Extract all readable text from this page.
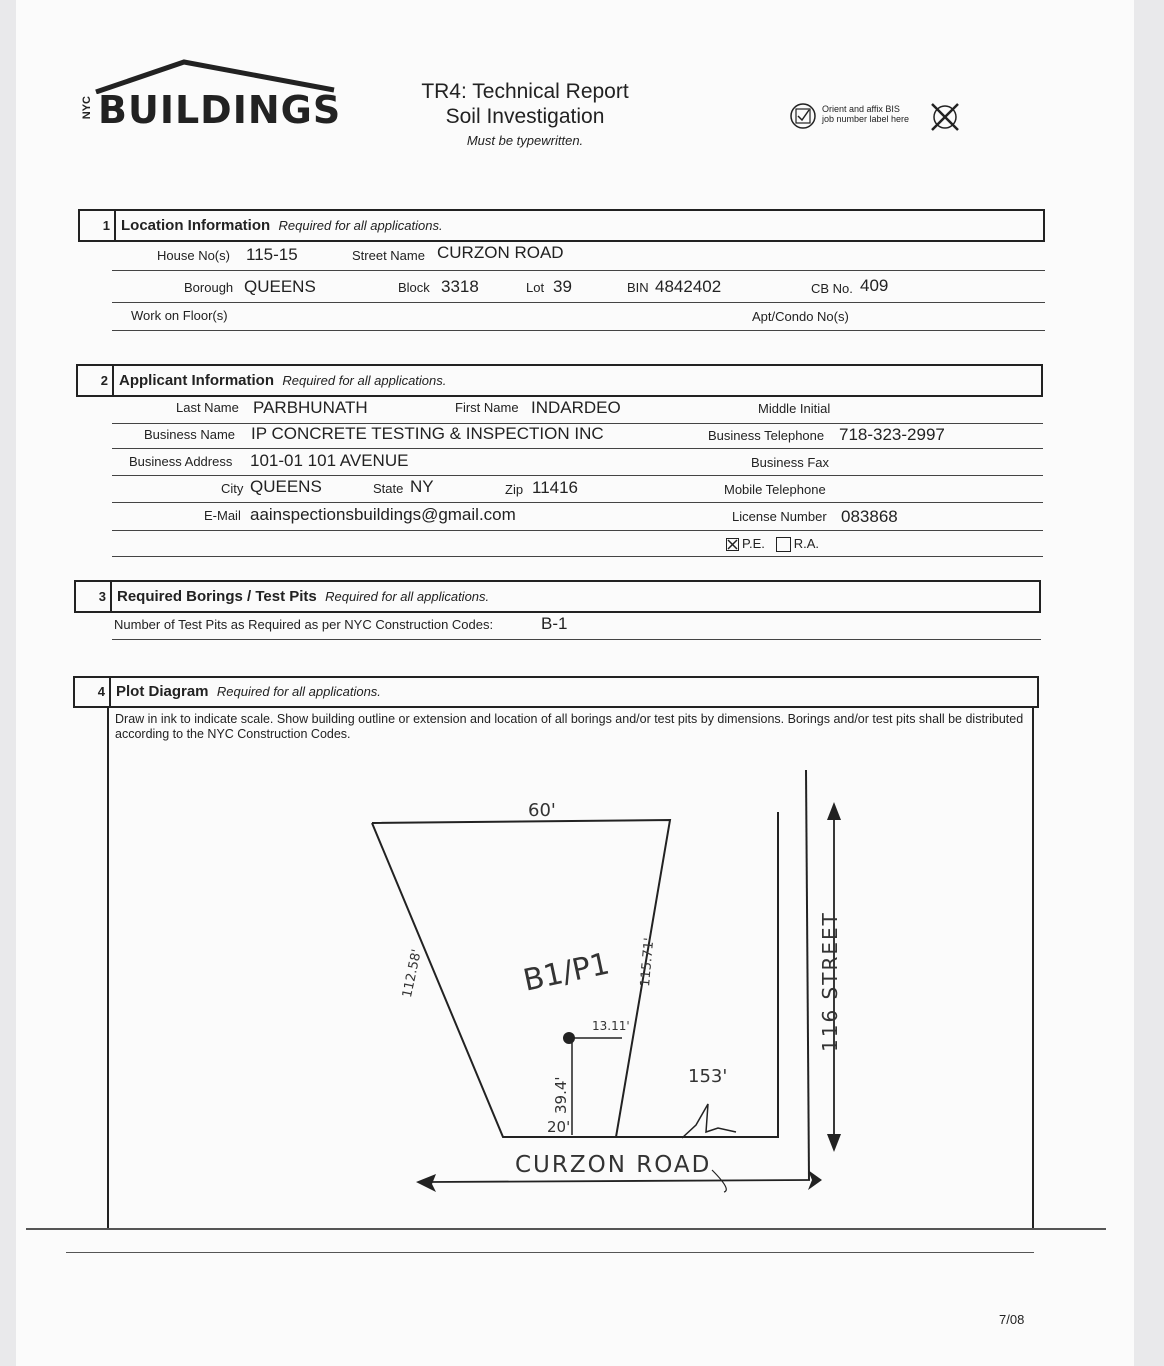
NYC BUILDINGS	TR4: Technical Report
Soil Investigation
Must be typewritten.
Orient and affix BIS
job number label here
1 Location Information Required for all applications.
House No(s) 115-15	Street Name CURZON ROAD
Borough QUEENS	Block 3318	Lot 39	BIN 4842402	CB No. 409
Work on Floor(s)	Apt/Condo No(s)
2 Applicant Information Required for all applications.
Last Name PARBHUNATH	First Name INDARDEO	Middle Initial
Business Name IP CONCRETE TESTING & INSPECTION INC	Business Telephone 718-323-2997
Business Address 101-01 101 AVENUE	Business Fax
City QUEENS	State NY	Zip 11416	Mobile Telephone
E-Mail aainspectionsbuildings@gmail.com	License Number 083868
P.E. R.A.
3 Required Borings / Test Pits Required for all applications.
Number of Test Pits as Required as per NYC Construction Codes:	B-1
4 Plot Diagram Required for all applications.
Draw in ink to indicate scale. Show building outline or extension and location of all borings and/or test pits by dimensions. Borings and/or test pits shall be distributed according to the NYC Construction Codes.
60'
112.58'	115.71'
B1/P1
13.11'
39.4'
20'
153'
CURZON ROAD
116 STREET
7/08
